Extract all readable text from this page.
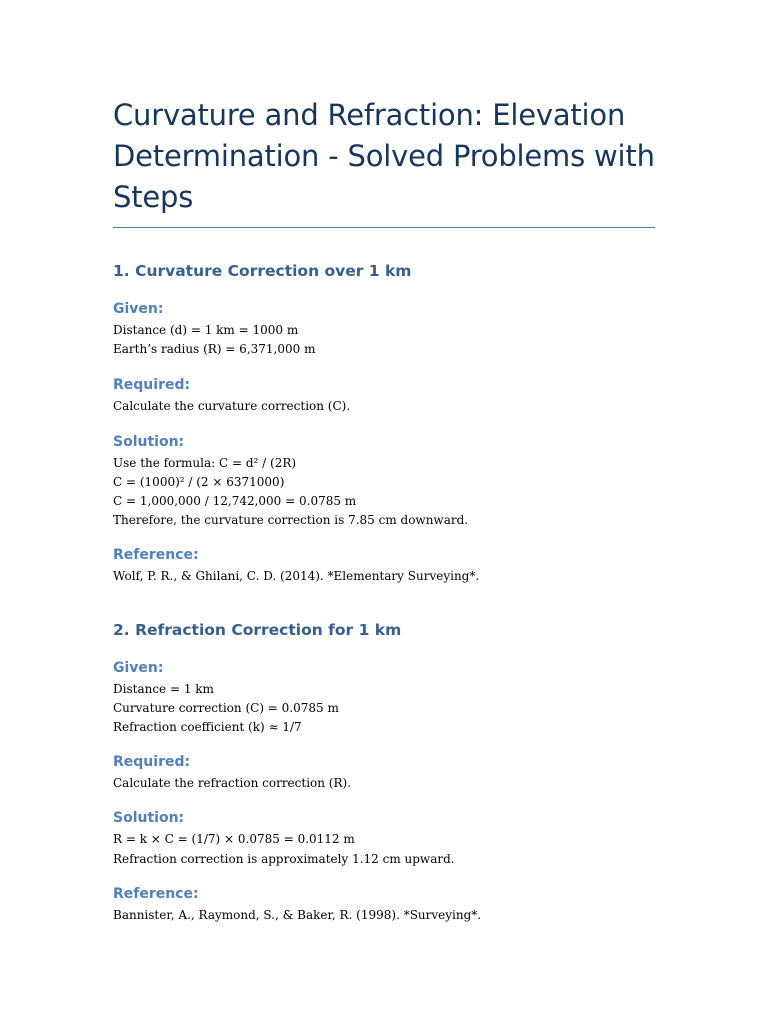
Curvature and Refraction: Elevation Determination - Solved Problems with Steps
1. Curvature Correction over 1 km
Given:

Distance (d) = 1 km = 1000 m

Earth’s radius (R) = 6,371,000 m

Required:

Calculate the curvature correction (C).

Solution:

Use the formula: C = d² / (2R)

C = (1000)² / (2 × 6371000)

C = 1,000,000 / 12,742,000 = 0.0785 m

Therefore, the curvature correction is 7.85 cm downward.

Reference:

Wolf, P. R., & Ghilani, C. D. (2014). *Elementary Surveying*.

2. Refraction Correction for 1 km
Given:

Distance = 1 km

Curvature correction (C) = 0.0785 m

Refraction coefficient (k) ≈ 1/7

Required:

Calculate the refraction correction (R).

Solution:

R = k × C = (1/7) × 0.0785 = 0.0112 m

Refraction correction is approximately 1.12 cm upward.

Reference:

Bannister, A., Raymond, S., & Baker, R. (1998). *Surveying*.
